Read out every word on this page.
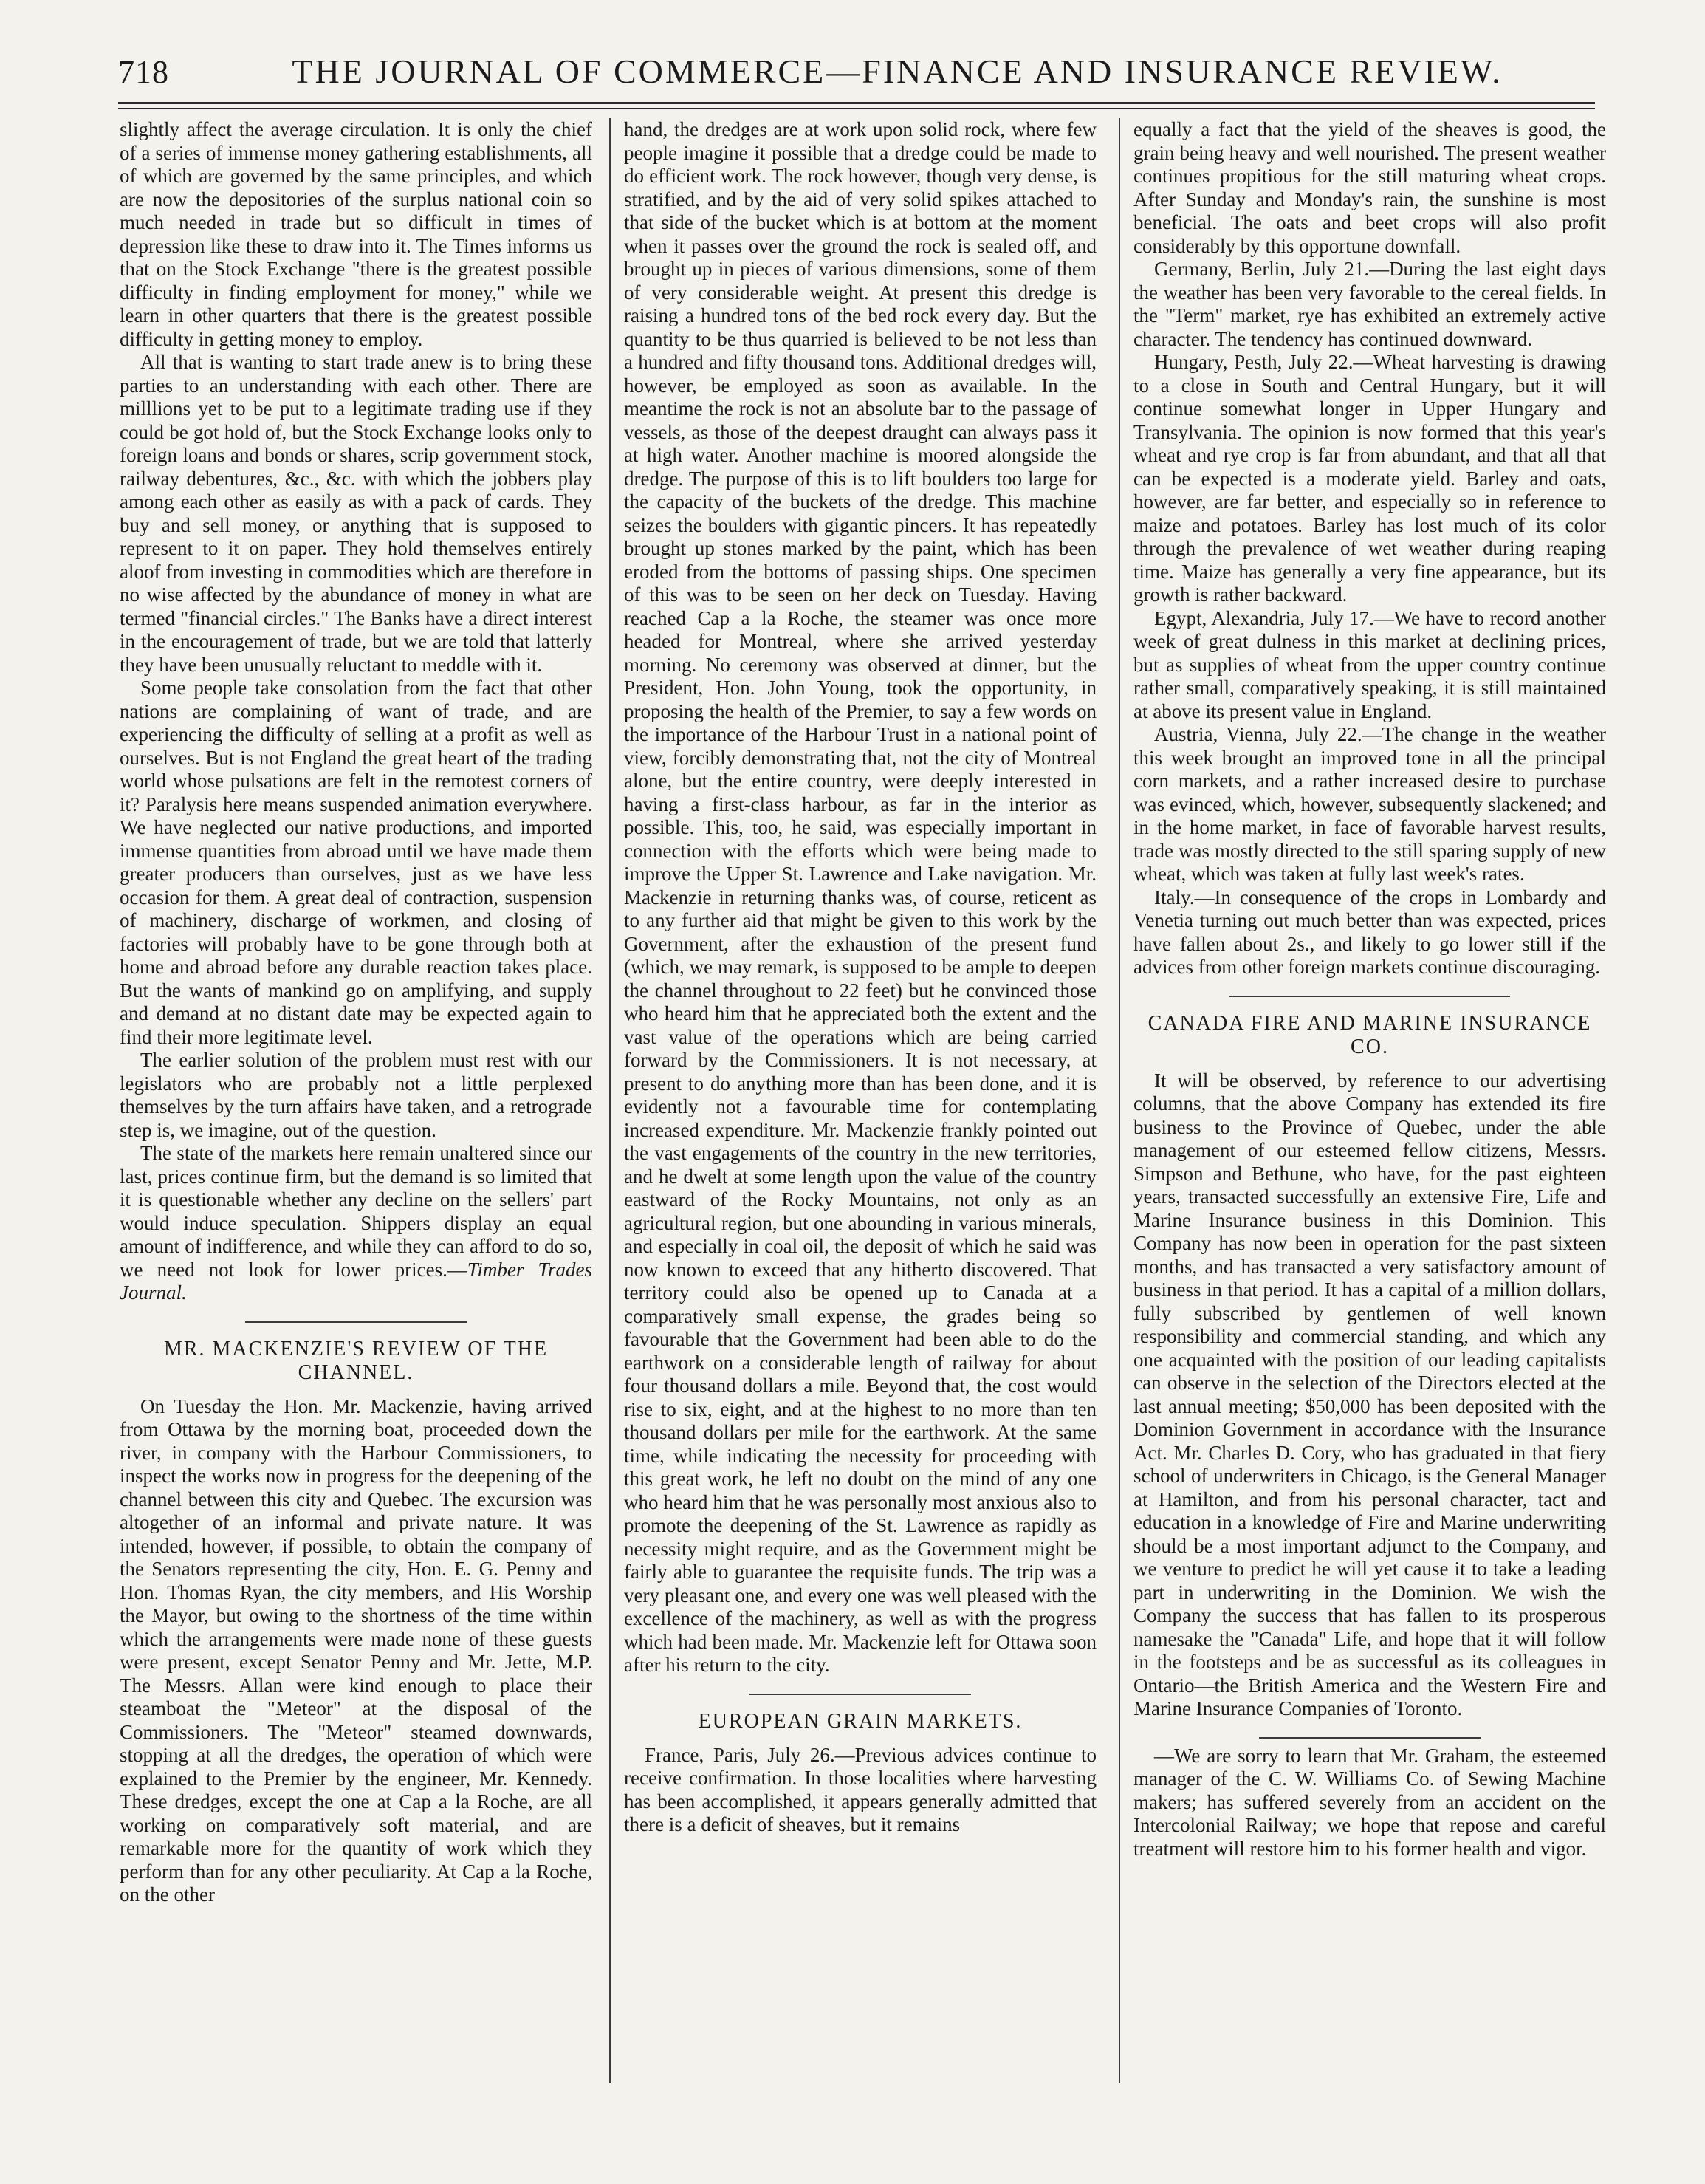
718	THE JOURNAL OF COMMERCE—FINANCE AND INSURANCE REVIEW.

slightly affect the average circulation. It is only the chief of a series of immense money gathering establishments, all of which are governed by the same principles, and which are now the depositories of the surplus national coin so much needed in trade but so difficult in times of depression like these to draw into it. The Times informs us that on the Stock Exchange "there is the greatest possible difficulty in finding employment for money," while we learn in other quarters that there is the greatest possible difficulty in getting money to employ.

All that is wanting to start trade anew is to bring these parties to an understanding with each other. There are milllions yet to be put to a legitimate trading use if they could be got hold of, but the Stock Exchange looks only to foreign loans and bonds or shares, scrip government stock, railway debentures, &c., &c. with which the jobbers play among each other as easily as with a pack of cards. They buy and sell money, or anything that is supposed to represent to it on paper. They hold themselves entirely aloof from investing in commodities which are therefore in no wise affected by the abundance of money in what are termed "financial circles." The Banks have a direct interest in the encouragement of trade, but we are told that latterly they have been unusually reluctant to meddle with it.

Some people take consolation from the fact that other nations are complaining of want of trade, and are experiencing the difficulty of selling at a profit as well as ourselves. But is not England the great heart of the trading world whose pulsations are felt in the remotest corners of it? Paralysis here means suspended animation everywhere. We have neglected our native productions, and imported immense quantities from abroad until we have made them greater producers than ourselves, just as we have less occasion for them. A great deal of contraction, suspension of machinery, discharge of workmen, and closing of factories will probably have to be gone through both at home and abroad before any durable reaction takes place. But the wants of mankind go on amplifying, and supply and demand at no distant date may be expected again to find their more legitimate level.

The earlier solution of the problem must rest with our legislators who are probably not a little perplexed themselves by the turn affairs have taken, and a retrograde step is, we imagine, out of the question.

The state of the markets here remain unaltered since our last, prices continue firm, but the demand is so limited that it is questionable whether any decline on the sellers' part would induce speculation. Shippers display an equal amount of indifference, and while they can afford to do so, we need not look for lower prices.—Timber Trades Journal.

MR. MACKENZIE'S REVIEW OF THE CHANNEL.

On Tuesday the Hon. Mr. Mackenzie, having arrived from Ottawa by the morning boat, proceeded down the river, in company with the Harbour Commissioners, to inspect the works now in progress for the deepening of the channel between this city and Quebec. The excursion was altogether of an informal and private nature. It was intended, however, if possible, to obtain the company of the Senators representing the city, Hon. E. G. Penny and Hon. Thomas Ryan, the city members, and His Worship the Mayor, but owing to the shortness of the time within which the arrangements were made none of these guests were present, except Senator Penny and Mr. Jette, M.P. The Messrs. Allan were kind enough to place their steamboat the "Meteor" at the disposal of the Commissioners. The "Meteor" steamed downwards, stopping at all the dredges, the operation of which were explained to the Premier by the engineer, Mr. Kennedy. These dredges, except the one at Cap a la Roche, are all working on comparatively soft material, and are remarkable more for the quantity of work which they perform than for any other peculiarity. At Cap a la Roche, on the other

hand, the dredges are at work upon solid rock, where few people imagine it possible that a dredge could be made to do efficient work. The rock however, though very dense, is stratified, and by the aid of very solid spikes attached to that side of the bucket which is at bottom at the moment when it passes over the ground the rock is sealed off, and brought up in pieces of various dimensions, some of them of very considerable weight. At present this dredge is raising a hundred tons of the bed rock every day. But the quantity to be thus quarried is believed to be not less than a hundred and fifty thousand tons. Additional dredges will, however, be employed as soon as available. In the meantime the rock is not an absolute bar to the passage of vessels, as those of the deepest draught can always pass it at high water. Another machine is moored alongside the dredge. The purpose of this is to lift boulders too large for the capacity of the buckets of the dredge. This machine seizes the boulders with gigantic pincers. It has repeatedly brought up stones marked by the paint, which has been eroded from the bottoms of passing ships. One specimen of this was to be seen on her deck on Tuesday. Having reached Cap a la Roche, the steamer was once more headed for Montreal, where she arrived yesterday morning. No ceremony was observed at dinner, but the President, Hon. John Young, took the opportunity, in proposing the health of the Premier, to say a few words on the importance of the Harbour Trust in a national point of view, forcibly demonstrating that, not the city of Montreal alone, but the entire country, were deeply interested in having a first-class harbour, as far in the interior as possible. This, too, he said, was especially important in connection with the efforts which were being made to improve the Upper St. Lawrence and Lake navigation. Mr. Mackenzie in returning thanks was, of course, reticent as to any further aid that might be given to this work by the Government, after the exhaustion of the present fund (which, we may remark, is supposed to be ample to deepen the channel throughout to 22 feet) but he convinced those who heard him that he appreciated both the extent and the vast value of the operations which are being carried forward by the Commissioners. It is not necessary, at present to do anything more than has been done, and it is evidently not a favourable time for contemplating increased expenditure. Mr. Mackenzie frankly pointed out the vast engagements of the country in the new territories, and he dwelt at some length upon the value of the country eastward of the Rocky Mountains, not only as an agricultural region, but one abounding in various minerals, and especially in coal oil, the deposit of which he said was now known to exceed that any hitherto discovered. That territory could also be opened up to Canada at a comparatively small expense, the grades being so favourable that the Government had been able to do the earthwork on a considerable length of railway for about four thousand dollars a mile. Beyond that, the cost would rise to six, eight, and at the highest to no more than ten thousand dollars per mile for the earthwork. At the same time, while indicating the necessity for proceeding with this great work, he left no doubt on the mind of any one who heard him that he was personally most anxious also to promote the deepening of the St. Lawrence as rapidly as necessity might require, and as the Government might be fairly able to guarantee the requisite funds. The trip was a very pleasant one, and every one was well pleased with the excellence of the machinery, as well as with the progress which had been made. Mr. Mackenzie left for Ottawa soon after his return to the city.

EUROPEAN GRAIN MARKETS.

France, Paris, July 26.—Previous advices continue to receive confirmation. In those localities where harvesting has been accomplished, it appears generally admitted that there is a deficit of sheaves, but it remains

equally a fact that the yield of the sheaves is good, the grain being heavy and well nourished. The present weather continues propitious for the still maturing wheat crops. After Sunday and Monday's rain, the sunshine is most beneficial. The oats and beet crops will also profit considerably by this opportune downfall.

Germany, Berlin, July 21.—During the last eight days the weather has been very favorable to the cereal fields. In the "Term" market, rye has exhibited an extremely active character. The tendency has continued downward.

Hungary, Pesth, July 22.—Wheat harvesting is drawing to a close in South and Central Hungary, but it will continue somewhat longer in Upper Hungary and Transylvania. The opinion is now formed that this year's wheat and rye crop is far from abundant, and that all that can be expected is a moderate yield. Barley and oats, however, are far better, and especially so in reference to maize and potatoes. Barley has lost much of its color through the prevalence of wet weather during reaping time. Maize has generally a very fine appearance, but its growth is rather backward.

Egypt, Alexandria, July 17.—We have to record another week of great dulness in this market at declining prices, but as supplies of wheat from the upper country continue rather small, comparatively speaking, it is still maintained at above its present value in England.

Austria, Vienna, July 22.—The change in the weather this week brought an improved tone in all the principal corn markets, and a rather increased desire to purchase was evinced, which, however, subsequently slackened; and in the home market, in face of favorable harvest results, trade was mostly directed to the still sparing supply of new wheat, which was taken at fully last week's rates.

Italy.—In consequence of the crops in Lombardy and Venetia turning out much better than was expected, prices have fallen about 2s., and likely to go lower still if the advices from other foreign markets continue discouraging.

CANADA FIRE AND MARINE INSURANCE CO.

It will be observed, by reference to our advertising columns, that the above Company has extended its fire business to the Province of Quebec, under the able management of our esteemed fellow citizens, Messrs. Simpson and Bethune, who have, for the past eighteen years, transacted successfully an extensive Fire, Life and Marine Insurance business in this Dominion. This Company has now been in operation for the past sixteen months, and has transacted a very satisfactory amount of business in that period. It has a capital of a million dollars, fully subscribed by gentlemen of well known responsibility and commercial standing, and which any one acquainted with the position of our leading capitalists can observe in the selection of the Directors elected at the last annual meeting; $50,000 has been deposited with the Dominion Government in accordance with the Insurance Act. Mr. Charles D. Cory, who has graduated in that fiery school of underwriters in Chicago, is the General Manager at Hamilton, and from his personal character, tact and education in a knowledge of Fire and Marine underwriting should be a most important adjunct to the Company, and we venture to predict he will yet cause it to take a leading part in underwriting in the Dominion. We wish the Company the success that has fallen to its prosperous namesake the "Canada" Life, and hope that it will follow in the footsteps and be as successful as its colleagues in Ontario—the British America and the Western Fire and Marine Insurance Companies of Toronto.

—We are sorry to learn that Mr. Graham, the esteemed manager of the C. W. Williams Co. of Sewing Machine makers; has suffered severely from an accident on the Intercolonial Railway; we hope that repose and careful treatment will restore him to his former health and vigor.
